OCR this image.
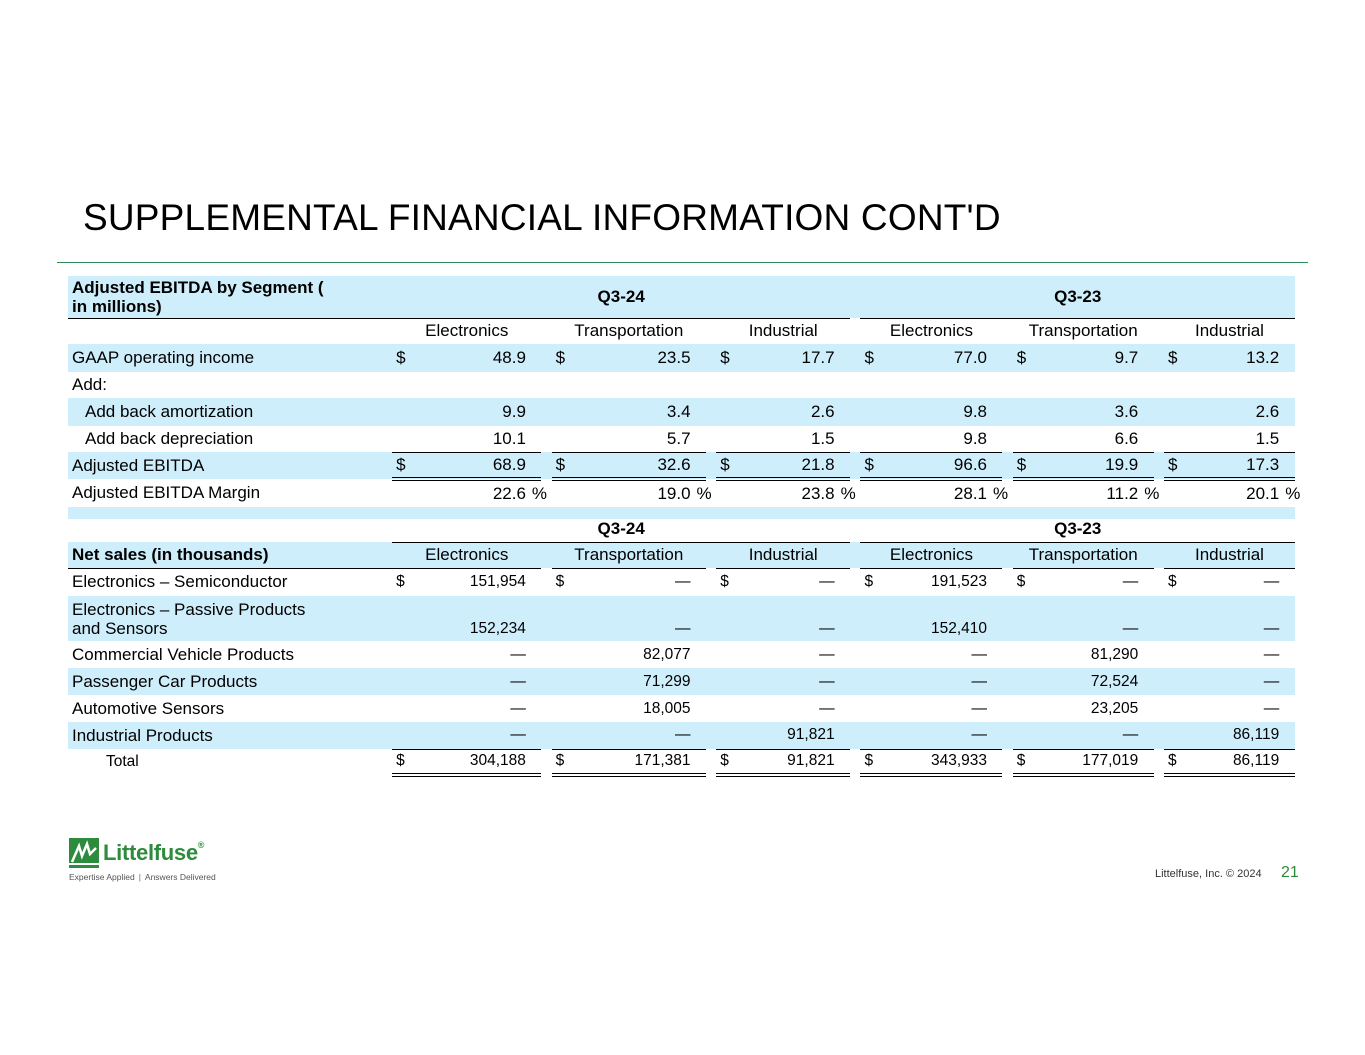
SUPPLEMENTAL FINANCIAL INFORMATION CONT'D
Adjusted EBITDA by Segment (
in millions)	Q3-24												Q3-23										
	Electronics				Transportation				Industrial				Electronics				Transportation				Industrial		
GAAP operating income	$	48.9			$	23.5			$	17.7			$	77.0			$	9.7			$	13.2	
Add:																							
Add back amortization		9.9				3.4				2.6				9.8				3.6				2.6	
Add back depreciation		10.1				5.7				1.5				9.8				6.6				1.5	
Adjusted EBITDA	$	68.9			$	32.6			$	21.8			$	96.6			$	19.9			$	17.3	
Adjusted EBITDA Margin		22.6	%			19.0	%			23.8	%			28.1	%			11.2	%			20.1	%

	Q3-24												Q3-23										
Net sales (in thousands)	Electronics				Transportation				Industrial				Electronics				Transportation				Industrial		
Electronics – Semiconductor	$	151,954			$	—			$	—			$	191,523			$	—			$	—	

Electronics – Passive Products
and Sensors		152,234				—				—				152,410				—				—	
Commercial Vehicle Products		—				82,077				—				—				81,290				—	
Passenger Car Products		—				71,299				—				—				72,524				—	
Automotive Sensors		—				18,005				—				—				23,205				—	
Industrial Products		—				—				91,821				—				—				86,119	
Total	$	304,188			$	171,381			$	91,821			$	343,933			$	177,019			$	86,119	
Littelfuse®
Expertise Applied | Answers Delivered	Littelfuse, Inc. © 2024 21
